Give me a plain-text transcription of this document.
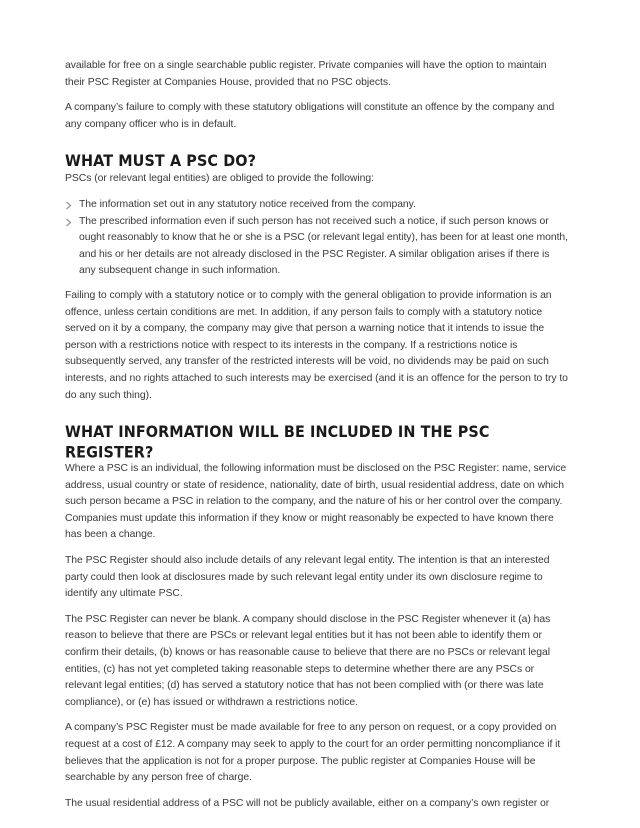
available for free on a single searchable public register. Private companies will have the option to maintain their PSC Register at Companies House, provided that no PSC objects.

A company’s failure to comply with these statutory obligations will constitute an offence by the company and any company officer who is in default.

WHAT MUST A PSC DO?

PSCs (or relevant legal entities) are obliged to provide the following:

The information set out in any statutory notice received from the company.
The prescribed information even if such person has not received such a notice, if such person knows or ought reasonably to know that he or she is a PSC (or relevant legal entity), has been for at least one month, and his or her details are not already disclosed in the PSC Register. A similar obligation arises if there is any subsequent change in such information.

Failing to comply with a statutory notice or to comply with the general obligation to provide information is an offence, unless certain conditions are met. In addition, if any person fails to comply with a statutory notice served on it by a company, the company may give that person a warning notice that it intends to issue the person with a restrictions notice with respect to its interests in the company. If a restrictions notice is subsequently served, any transfer of the restricted interests will be void, no dividends may be paid on such interests, and no rights attached to such interests may be exercised (and it is an offence for the person to try to do any such thing).

WHAT INFORMATION WILL BE INCLUDED IN THE PSC REGISTER?

Where a PSC is an individual, the following information must be disclosed on the PSC Register: name, service address, usual country or state of residence, nationality, date of birth, usual residential address, date on which such person became a PSC in relation to the company, and the nature of his or her control over the company. Companies must update this information if they know or might reasonably be expected to have known there has been a change.

The PSC Register should also include details of any relevant legal entity. The intention is that an interested party could then look at disclosures made by such relevant legal entity under its own disclosure regime to identify any ultimate PSC.

The PSC Register can never be blank. A company should disclose in the PSC Register whenever it (a) has reason to believe that there are PSCs or relevant legal entities but it has not been able to identify them or confirm their details, (b) knows or has reasonable cause to believe that there are no PSCs or relevant legal entities, (c) has not yet completed taking reasonable steps to determine whether there are any PSCs or relevant legal entities; (d) has served a statutory notice that has not been complied with (or there was late compliance), or (e) has issued or withdrawn a restrictions notice.

A company’s PSC Register must be made available for free to any person on request, or a copy provided on request at a cost of £12. A company may seek to apply to the court for an order permitting noncompliance if it believes that the application is not for a proper purpose. The public register at Companies House will be searchable by any person free of charge.

The usual residential address of a PSC will not be publicly available, either on a company’s own register or
